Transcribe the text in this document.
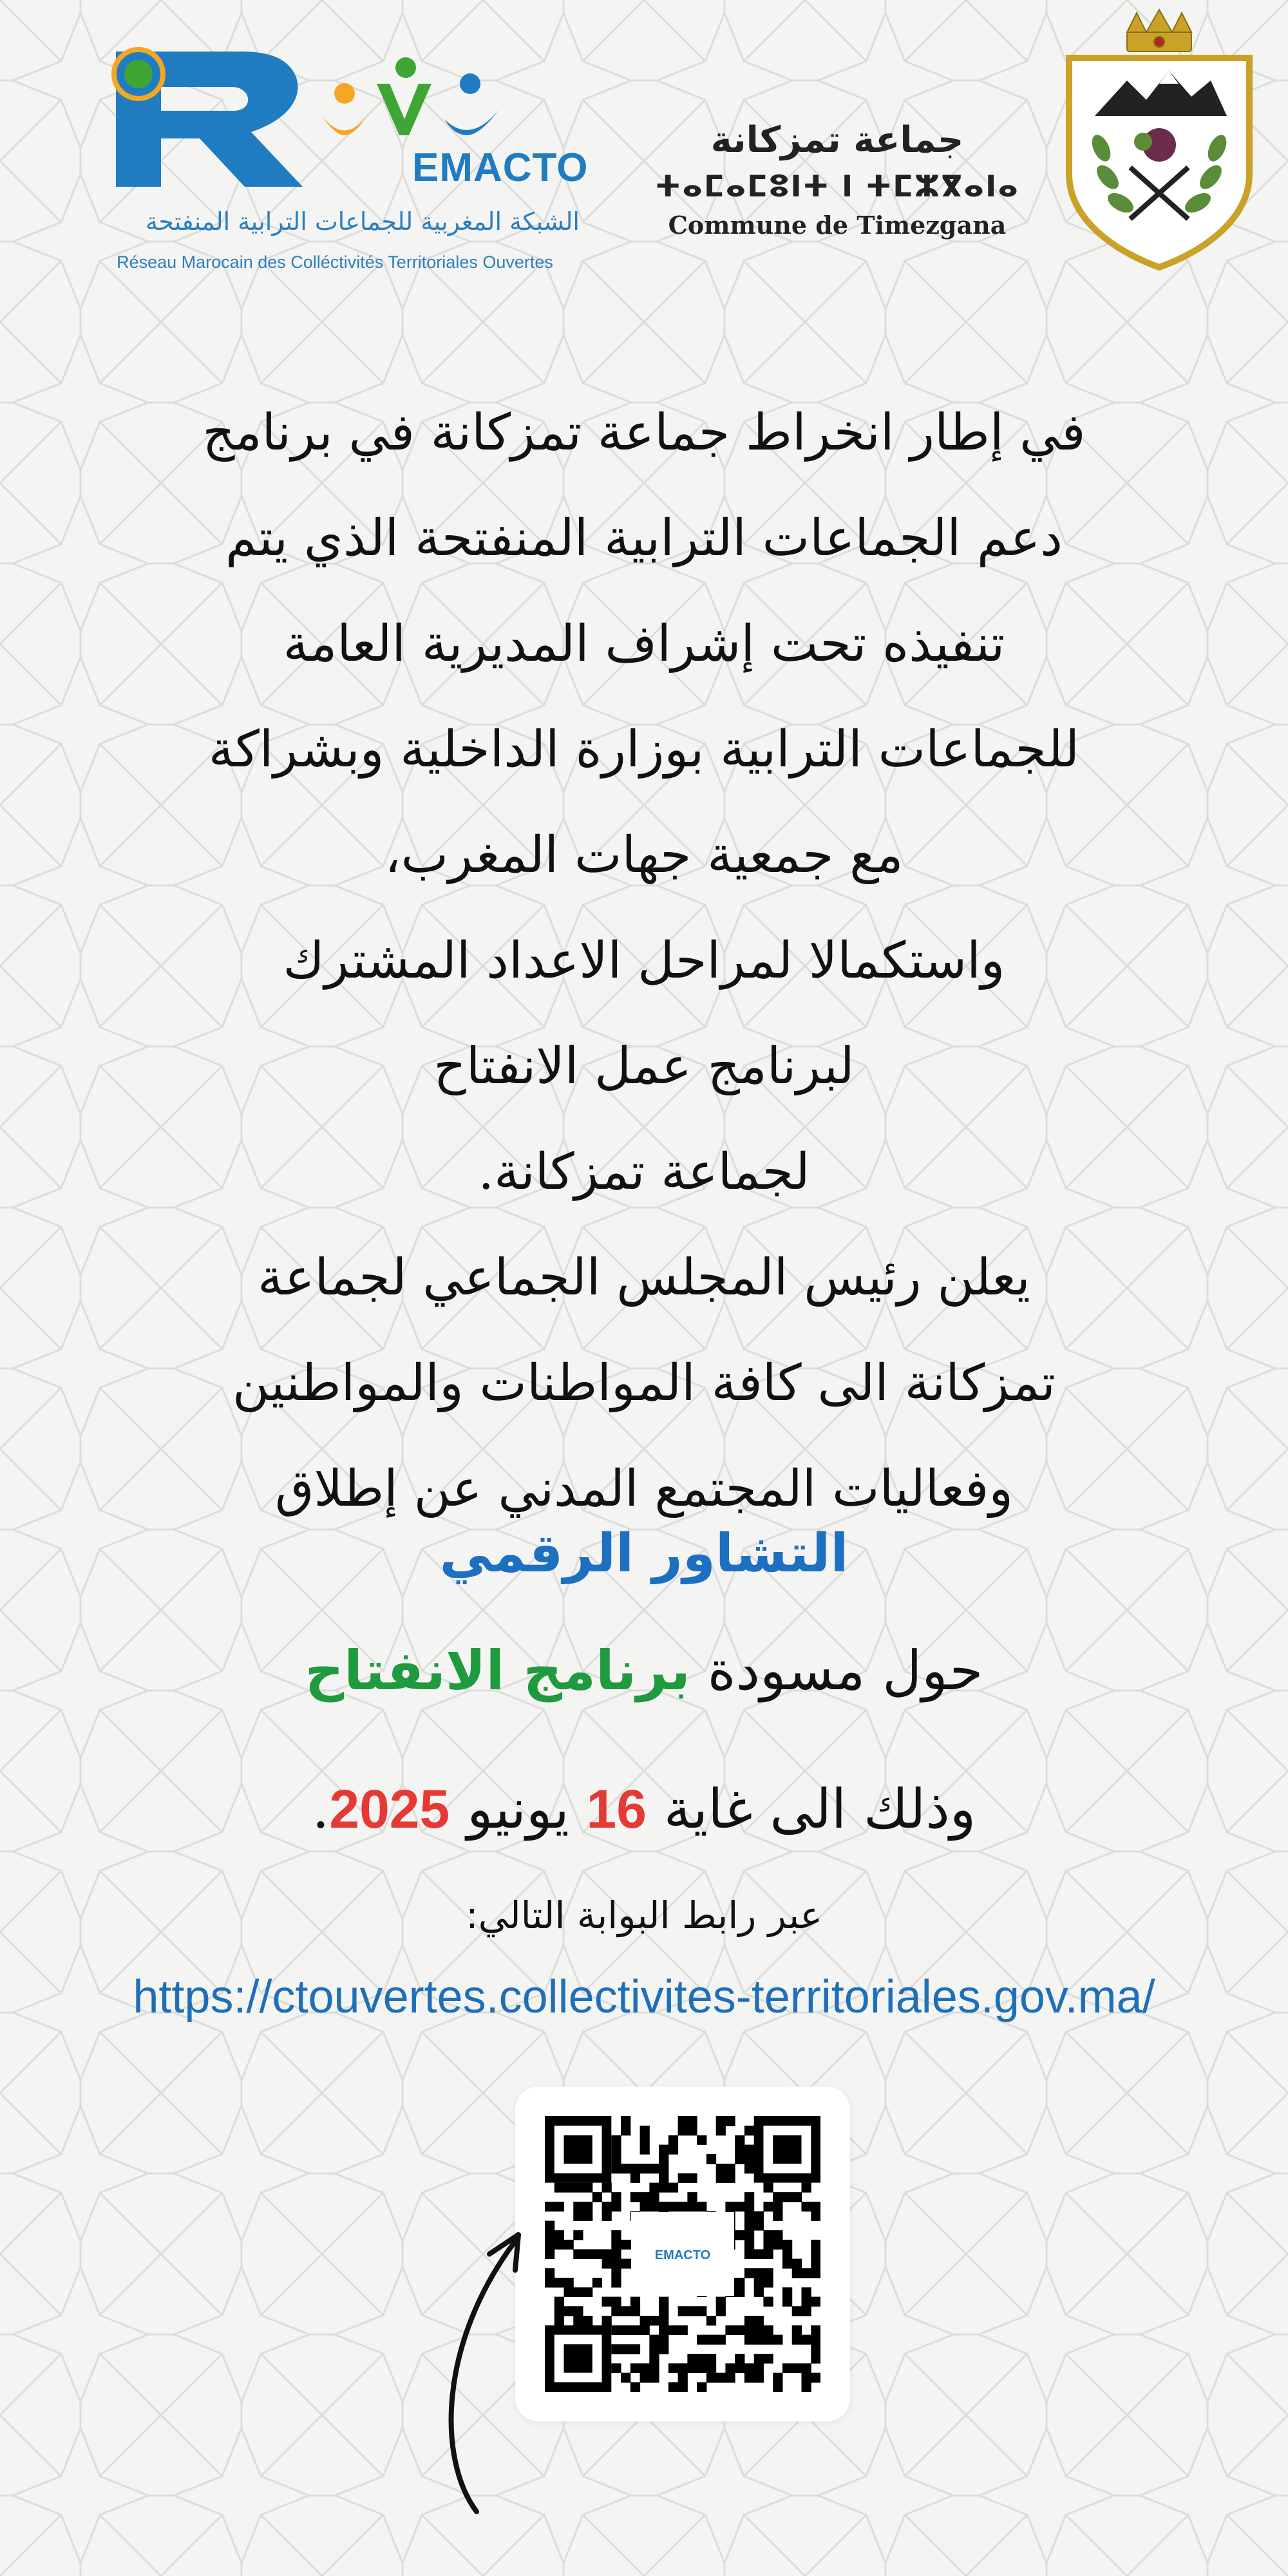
EMACTO
الشبكة المغربية للجماعات الترابية المنفتحة
Réseau Marocain des Colléctivités Territoriales Ouvertes
جماعة تمزكانة
ⵜⴰⵎⴰⵎⵓⵏⵜ ⵏ ⵜⵎⵣⴳⴰⵏⴰ
Commune de Timezgana
في إطار انخراط جماعة تمزكانة في برنامج
دعم الجماعات الترابية المنفتحة الذي يتم
تنفيذه تحت إشراف المديرية العامة
للجماعات الترابية بوزارة الداخلية وبشراكة
مع جمعية جهات المغرب،
واستكمالا لمراحل الاعداد المشترك
لبرنامج عمل الانفتاح
لجماعة تمزكانة.
يعلن رئيس المجلس الجماعي لجماعة
تمزكانة الى كافة المواطنات والمواطنين
وفعاليات المجتمع المدني عن إطلاق
التشاور الرقمي
حول مسودة برنامج الانفتاح
وذلك الى غاية 16 يونيو 2025.
عبر رابط البوابة التالي:
https://ctouvertes.collectivites-territoriales.gov.ma/
EMACTO
